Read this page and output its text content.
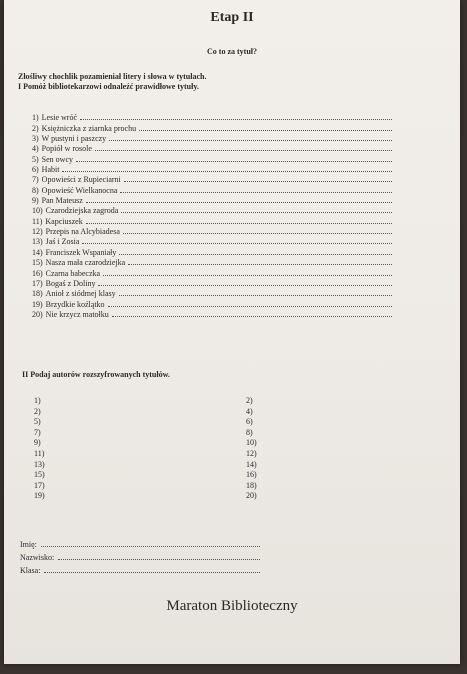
Etap II
Co to za tytuł?
Złośliwy chochlik pozamieniał litery i słowa w tytułach.
I Pomóż bibliotekarzowi odnaleźć prawidłowe tytuły.
1) Lesie wróć
2) Księżniczka z ziarnka prochu
3) W pustyni i paszczy
4) Popiół w rosole
5) Sen owcy
6) Habit
7) Opowieści z Rupieciarni
8) Opowieść Wielkanocna
9) Pan Mateusz
10) Czarodziejska zagroda
11) Kapciuszek
12) Przepis na Alcybiadesa
13) Jaś i Zosia
14) Franciszek Wspaniały
15) Nasza mała czarodziejka
16) Czarna babeczka
17) Bogaś z Doliny
18) Anioł z siódmej klasy
19) Brzydkie koźlątko
20) Nie krzycz matołku
II Podaj autorów rozszyfrowanych tytułów.
1)	2)
2)	4)
5)	6)
7)	8)
9)	10)
11)	12)
13)	14)
15)	16)
17)	18)
19)	20)
Imię:
Nazwisko:
Klasa:
Maraton Biblioteczny
